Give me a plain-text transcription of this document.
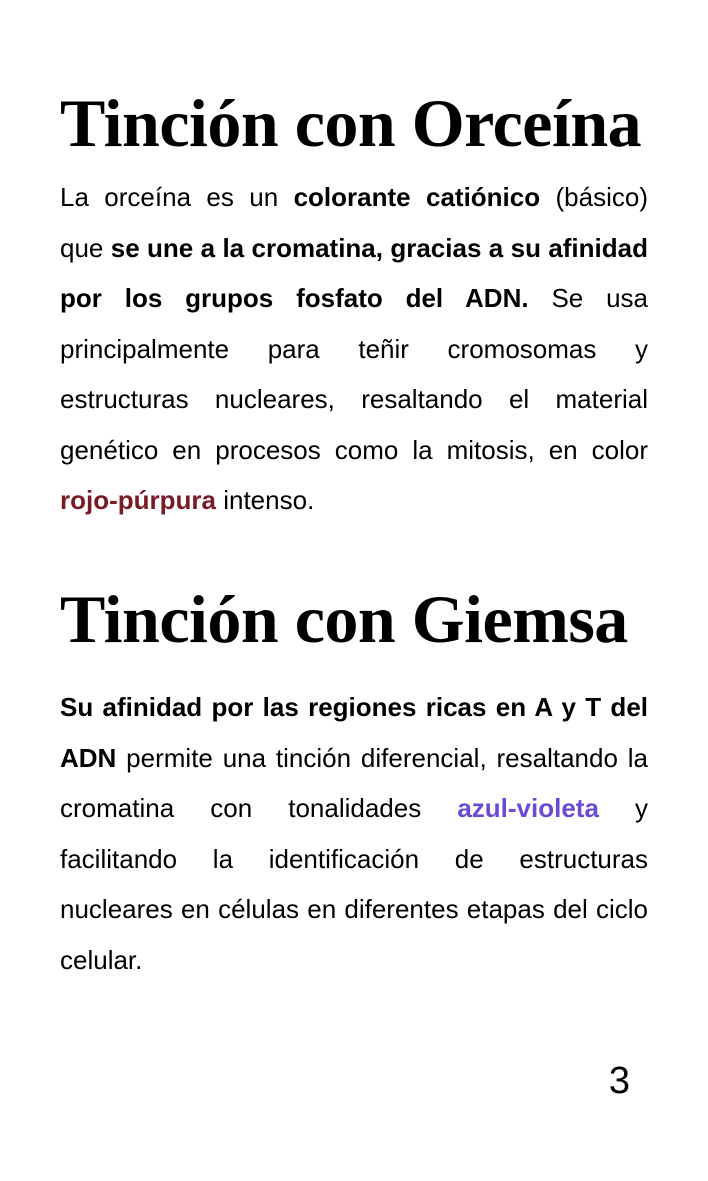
Tinción con Orceína

La orceína es un colorante catiónico (básico) que se une a la cromatina, gracias a su afinidad por los grupos fosfato del ADN. Se usa principalmente para teñir cromosomas y estructuras nucleares, resaltando el material genético en procesos como la mitosis, en color rojo-púrpura intenso.

Tinción con Giemsa

Su afinidad por las regiones ricas en A y T del ADN permite una tinción diferencial, resaltando la cromatina con tonalidades azul-violeta y facilitando la identificación de estructuras nucleares en células en diferentes etapas del ciclo celular.

3
